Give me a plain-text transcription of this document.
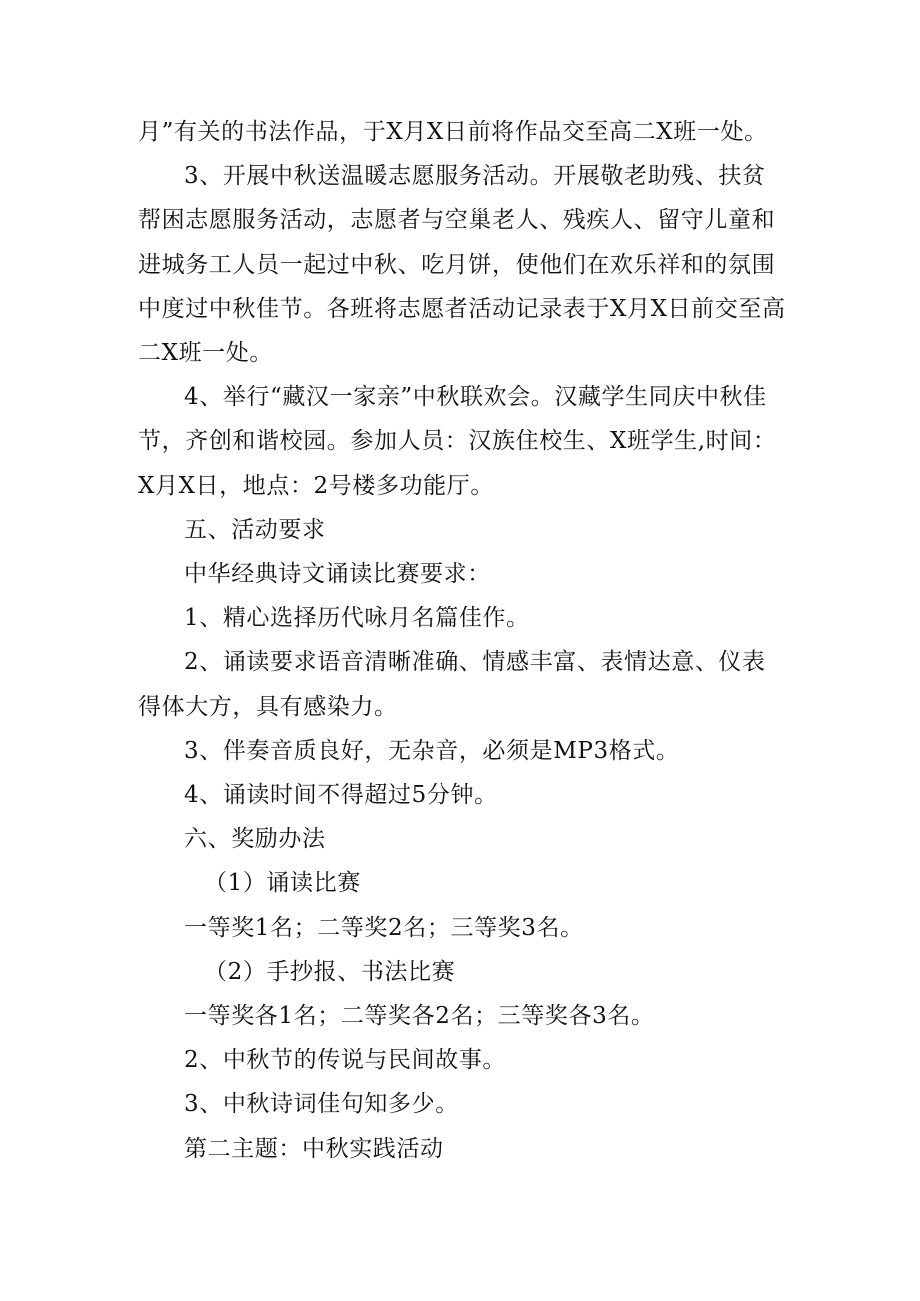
月”有关的书法作品，于X月X日前将作品交至高二X班一处。

3、开展中秋送温暖志愿服务活动。开展敬老助残、扶贫帮困志愿服务活动，志愿者与空巢老人、残疾人、留守儿童和进城务工人员一起过中秋、吃月饼，使他们在欢乐祥和的氛围中度过中秋佳节。各班将志愿者活动记录表于X月X日前交至高二X班一处。

4、举行“藏汉一家亲”中秋联欢会。汉藏学生同庆中秋佳节，齐创和谐校园。参加人员：汉族住校生、X班学生,时间：X月X日，地点：2号楼多功能厅。

五、活动要求

中华经典诗文诵读比赛要求：

1、精心选择历代咏月名篇佳作。

2、诵读要求语音清晰准确、情感丰富、表情达意、仪表得体大方，具有感染力。

3、伴奏音质良好，无杂音，必须是MP3格式。

4、诵读时间不得超过5分钟。

六、奖励办法

（1）诵读比赛

一等奖1名；二等奖2名；三等奖3名。

（2）手抄报、书法比赛

一等奖各1名；二等奖各2名；三等奖各3名。

2、中秋节的传说与民间故事。

3、中秋诗词佳句知多少。

第二主题：中秋实践活动
